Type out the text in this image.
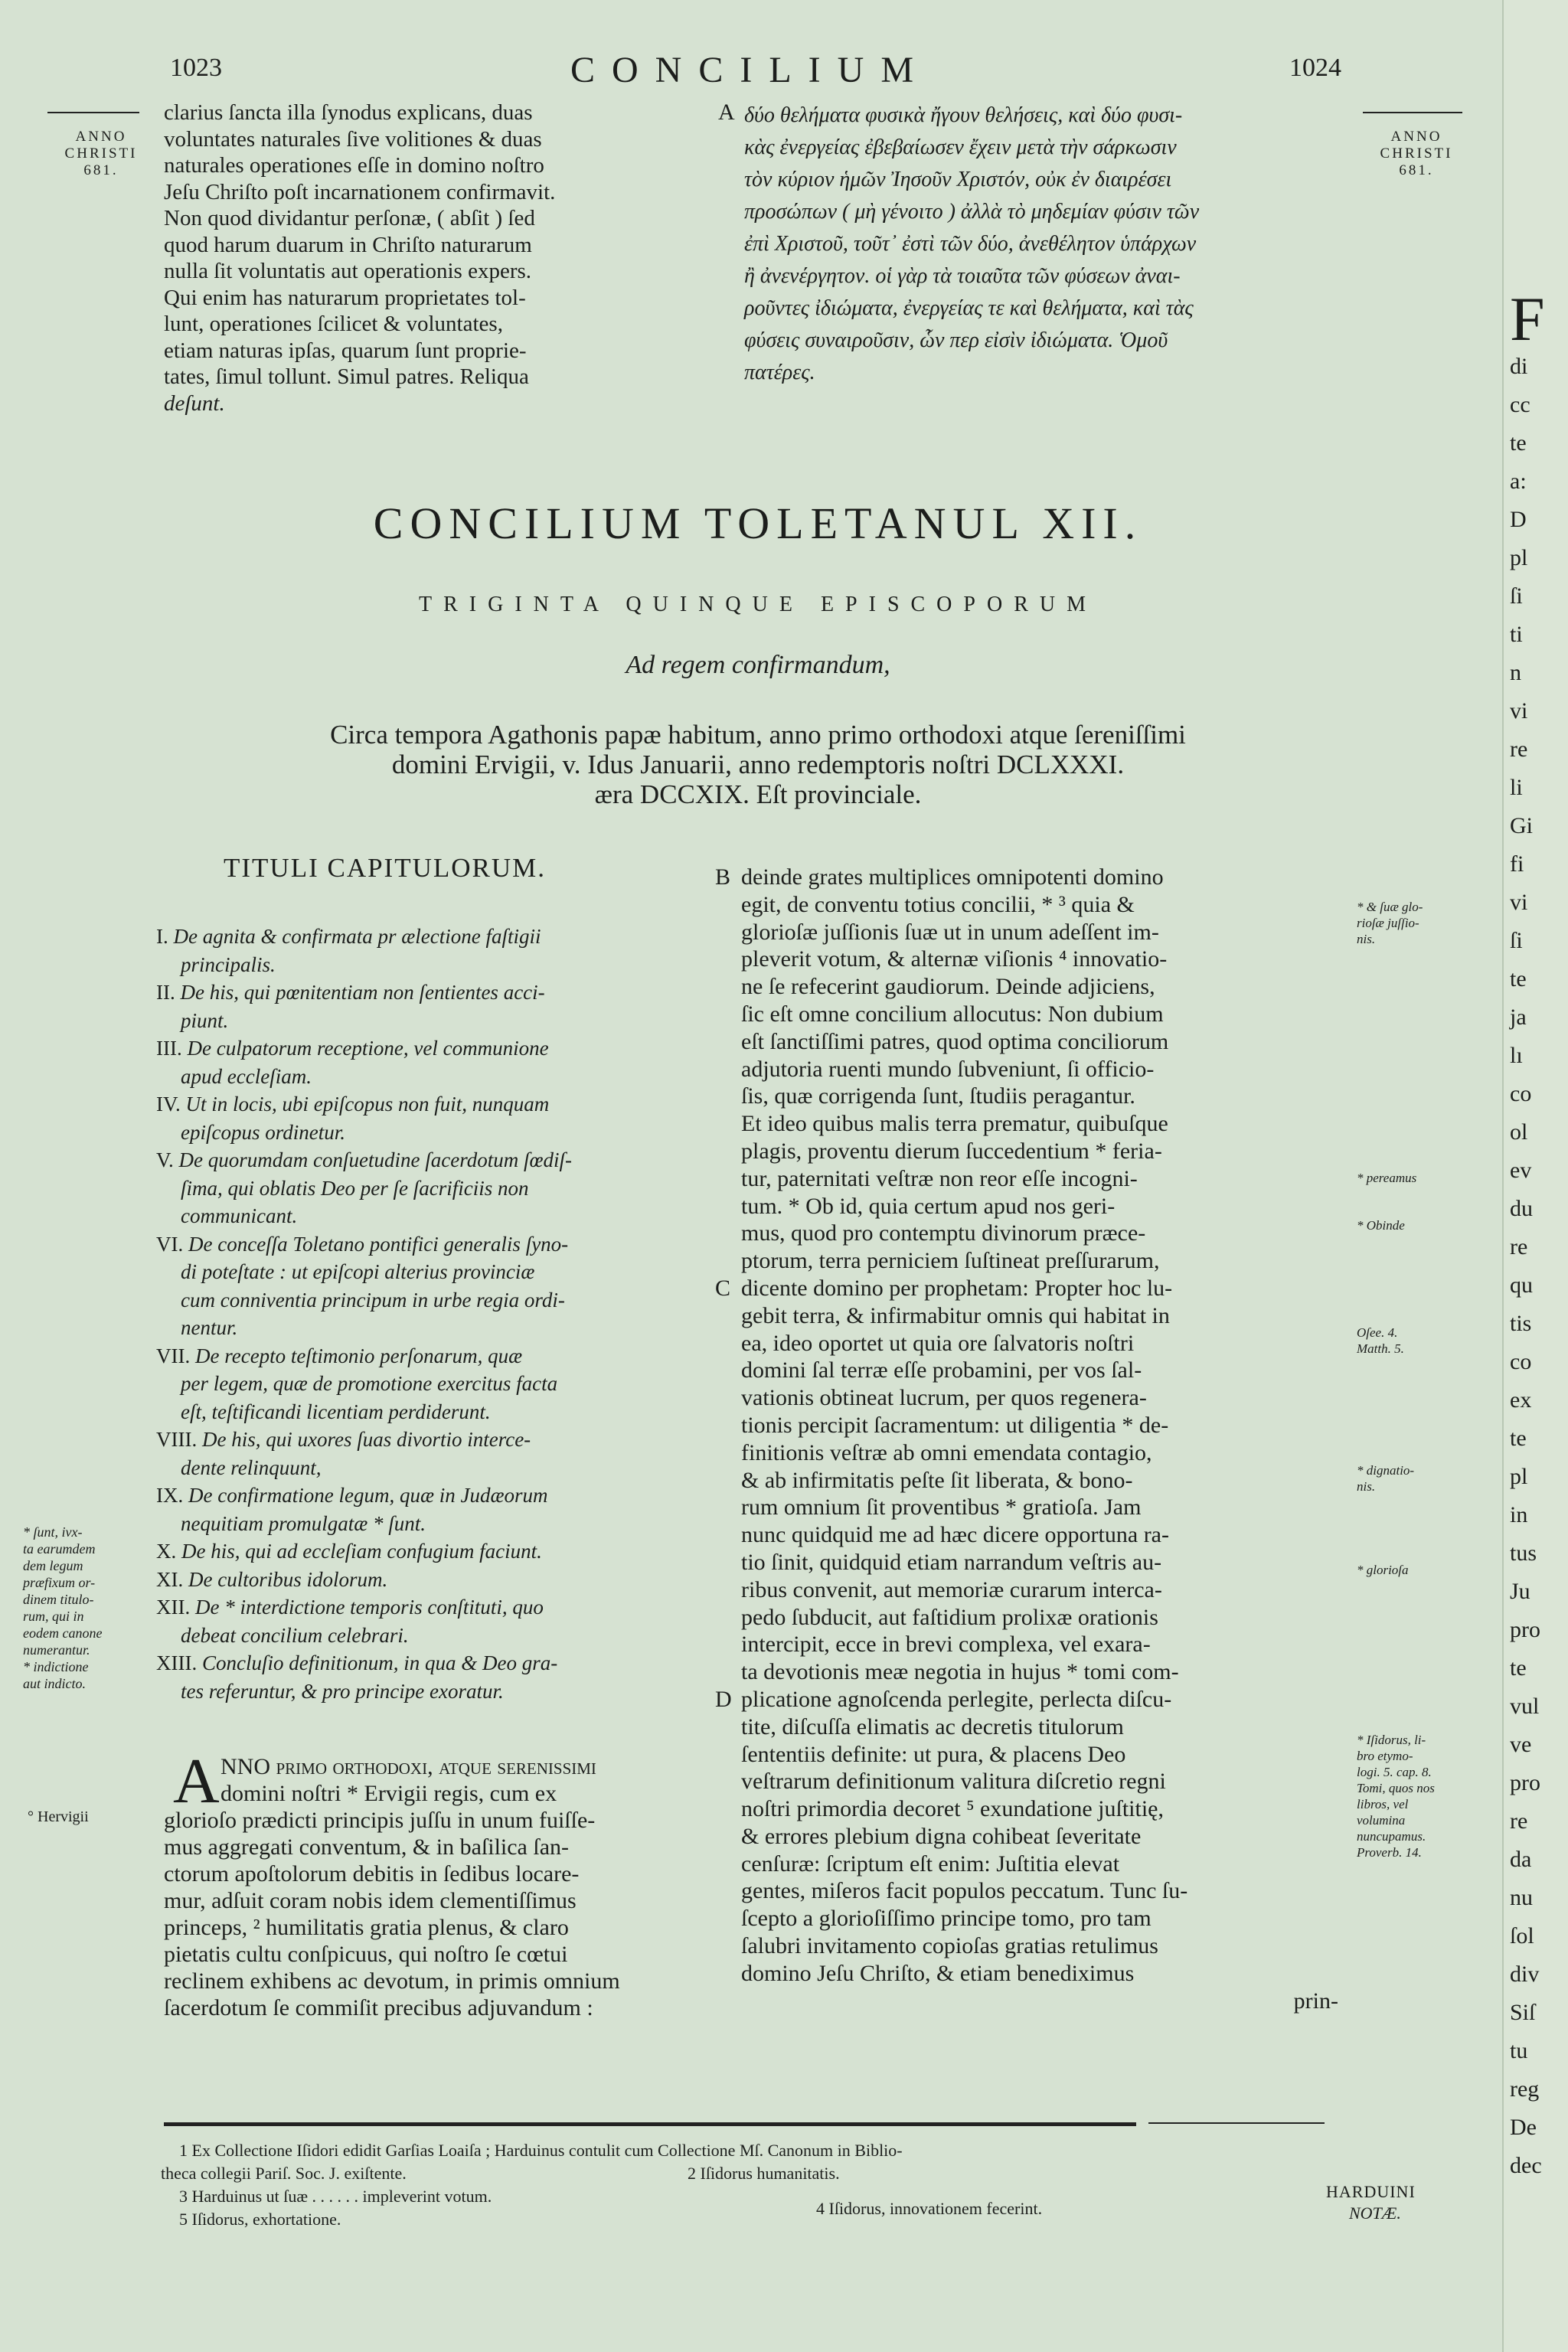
1023	CONCILIUM	1024
ANNO
CHRISTI
681.
ANNO
CHRISTI
681.
clarius ſancta illa ſynodus explicans, duas
voluntates naturales ſive volitiones & duas
naturales operationes eſſe in domino noſtro
Jeſu Chriſto poſt incarnationem confirmavit.
Non quod dividantur perſonæ, ( abſit ) ſed
quod harum duarum in Chriſto naturarum
nulla ſit voluntatis aut operationis expers.
Qui enim has naturarum proprietates tol-
lunt, operationes ſcilicet & voluntates,
etiam naturas ipſas, quarum ſunt proprie-
tates, ſimul tollunt. Simul patres. Reliqua
deſunt.
A δύο θελήματα φυσικὰ ἤγουν θελήσεις, καὶ δύο φυσι-
κὰς ἐνεργείας ἐβεβαίωσεν ἔχειν μετὰ τὴν σάρκωσιν
τὸν κύριον ἡμῶν Ἰησοῦν Χριστόν, οὐκ ἐν διαιρέσει
προσώπων ( μὴ γένοιτο ) ἀλλὰ τὸ μηδεμίαν φύσιν τῶν
ἐπὶ Χριστοῦ, τοῦτ᾽ ἐστὶ τῶν δύο, ἀνεθέλητον ὑπάρχων
ἢ ἀνενέργητον. οἱ γὰρ τὰ τοιαῦτα τῶν φύσεων ἀναι-
ροῦντες ἰδιώματα, ἐνεργείας τε καὶ θελήματα, καὶ τὰς
φύσεις συναιροῦσιν, ὧν περ εἰσὶν ἰδιώματα. Ὁμοῦ
πατέρες.
CONCILIUM TOLETANUL XII.
TRIGINTA QUINQUE EPISCOPORUM
Ad regem confirmandum,
Circa tempora Agathonis papæ habitum, anno primo orthodoxi atque ſereniſſimi
domini Ervigii, v. Idus Januarii, anno redemptoris noſtri DCLXXXI.
æra DCCXIX. Eſt provinciale.
TITULI CAPITULORUM.
I. De agnita & confirmata pr ælectione faſtigii
principalis.
II. De his, qui pœnitentiam non ſentientes acci-
piunt.
III. De culpatorum receptione, vel communione
apud eccleſiam.
IV. Ut in locis, ubi epiſcopus non fuit, nunquam
epiſcopus ordinetur.
V. De quorumdam conſuetudine ſacerdotum ſœdiſ-
ſima, qui oblatis Deo per ſe ſacrificiis non
communicant.
VI. De conceſſa Toletano pontifici generalis ſyno-
di poteſtate : ut epiſcopi alterius provinciæ
cum conniventia principum in urbe regia ordi-
nentur.
VII. De recepto teſtimonio perſonarum, quæ
per legem, quæ de promotione exercitus facta
eſt, teſtificandi licentiam perdiderunt.
VIII. De his, qui uxores ſuas divortio interce-
dente relinquunt,
IX. De confirmatione legum, quæ in Judæorum
nequitiam promulgatæ * ſunt.
X. De his, qui ad eccleſiam confugium faciunt.
XI. De cultoribus idolorum.
XII. De * interdictione temporis conſtituti, quo
debeat concilium celebrari.
XIII. Concluſio definitionum, in qua & Deo gra-
tes referuntur, & pro principe exoratur.
* ſunt, ivx-
ta earumdem
dem legum
præfixum or-
dinem titulo-
rum, qui in
eodem canone
numerantur.
* indictione
aut indicto.
° Hervigii A NNO primo orthodoxi, atque ſereniſſimi
domini noſtri * Ervigii regis, cum ex
glorioſo prædicti principis juſſu in unum fuiſſe-
mus aggregati conventum, & in baſilica ſan-
ctorum apoſtolorum debitis in ſedibus locare-
mur, adſuit coram nobis idem clementiſſimus
princeps, ² humilitatis gratia plenus, & claro
pietatis cultu conſpicuus, qui noſtro ſe cœtui
reclinem exhibens ac devotum, in primis omnium
ſacerdotum ſe commiſit precibus adjuvandum :
B deinde grates multiplices omnipotenti domino
egit, de conventu totius concilii, * ³ quia &
glorioſæ juſſionis ſuæ ut in unum adeſſent im-
pleverit votum, & alternæ viſionis ⁴ innovatio-
ne ſe refecerint gaudiorum. Deinde adjiciens,
ſic eſt omne concilium allocutus: Non dubium
eſt ſanctiſſimi patres, quod optima conciliorum
adjutoria ruenti mundo ſubveniunt, ſi officio-
ſis, quæ corrigenda ſunt, ſtudiis peragantur.
Et ideo quibus malis terra prematur, quibuſque
plagis, proventu dierum ſuccedentium * feria-
tur, paternitati veſtræ non reor eſſe incogni-
tum. * Ob id, quia certum apud nos geri-
mus, quod pro contemptu divinorum præce-
ptorum, terra perniciem ſuſtineat preſſurarum,
C dicente domino per prophetam: Propter hoc lu-
gebit terra, & infirmabitur omnis qui habitat in
ea, ideo oportet ut quia ore ſalvatoris noſtri
domini ſal terræ eſſe probamini, per vos ſal-
vationis obtineat lucrum, per quos regenera-
tionis percipit ſacramentum: ut diligentia * de-
finitionis veſtræ ab omni emendata contagio,
& ab infirmitatis peſte ſit liberata, & bono-
rum omnium ſit proventibus * gratioſa. Jam
nunc quidquid me ad hæc dicere opportuna ra-
tio ſinit, quidquid etiam narrandum veſtris au-
ribus convenit, aut memoriæ curarum interca-
pedo ſubducit, aut faſtidium prolixæ orationis
intercipit, ecce in brevi complexa, vel exara-
ta devotionis meæ negotia in hujus * tomi com-
D plicatione agnoſcenda perlegite, perlecta diſcu-
tite, diſcuſſa elimatis ac decretis titulorum
ſententiis definite: ut pura, & placens Deo
veſtrarum definitionum valitura diſcretio regni
noſtri primordia decoret ⁵ exundatione juſtitię,
& errores plebium digna cohibeat ſeveritate
cenſuræ: ſcriptum eſt enim: Juſtitia elevat
gentes, miſeros facit populos peccatum. Tunc ſu-
ſcepto a glorioſiſſimo principe tomo, pro tam
ſalubri invitamento copioſas gratias retulimus
domino Jeſu Chriſto, & etiam benediximus
prin-
* & ſuæ glo-
rioſæ juſſio-
nis.
* pereamus
* Obinde
Oſee. 4.
Matth. 5.
* dignatio-
nis.
* glorioſa
* Iſidorus, li-
bro etymo-
logi. 5. cap. 8.
Tomi, quos nos
libros, vel
volumina
nuncupamus.
Proverb. 14.
1 Ex Collectione Iſidori edidit Garſias Loaiſa ; Harduinus contulit cum Collectione Mſ. Canonum in Biblio-
theca collegii Pariſ. Soc. J. exiſtente.	2 Iſidorus humanitatis.
3 Harduinus ut ſuæ . . . . . . impleverint votum.
5 Iſidorus, exhortatione.
4 Iſidorus, innovationem fecerint.
HARDUINI
NOTÆ.
F
di
cc
te
a:
D
pl
ſi
ti
n
vi
re
li
Gi
fi
vi
ſi
te
ja
lı
co
ol
ev
du
re
qu
tis
co
ex
te
pl
in
tus
Ju
pro
te
vul
ve
pro
re
da
nu
ſol
div
Siſ
tu
reg
De
dec
